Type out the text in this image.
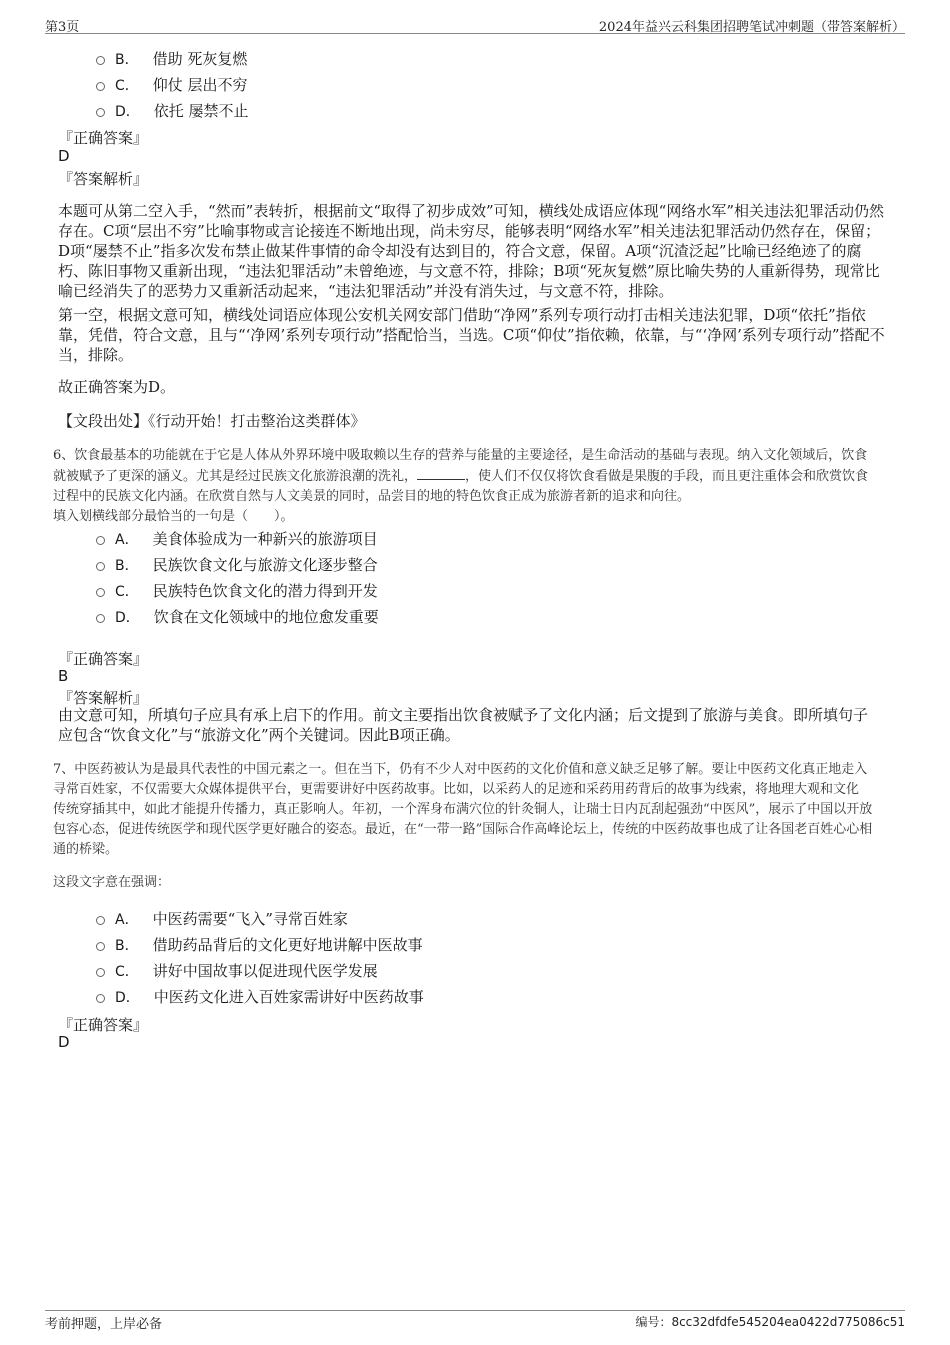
第3页	2024年益兴云科集团招聘笔试冲刺题（带答案解析）
B． 借助 死灰复燃
C． 仰仗 层出不穷
D． 依托 屡禁不止
『正确答案』
D
『答案解析』
本题可从第二空入手，“然而”表转折，根据前文“取得了初步成效”可知，横线处成语应体现“网络水军”相关违法犯罪活动仍然
存在。C项“层出不穷”比喻事物或言论接连不断地出现，尚未穷尽，能够表明“网络水军”相关违法犯罪活动仍然存在，保留；
D项“屡禁不止”指多次发布禁止做某件事情的命令却没有达到目的，符合文意，保留。A项“沉渣泛起”比喻已经绝迹了的腐
朽、陈旧事物又重新出现，“违法犯罪活动”未曾绝迹，与文意不符，排除；B项“死灰复燃”原比喻失势的人重新得势，现常比
喻已经消失了的恶势力又重新活动起来，“违法犯罪活动”并没有消失过，与文意不符，排除。
第一空，根据文意可知，横线处词语应体现公安机关网安部门借助“净网”系列专项行动打击相关违法犯罪，D项“依托”指依
靠，凭借，符合文意，且与“‘净网’系列专项行动”搭配恰当，当选。C项“仰仗”指依赖，依靠，与“‘净网’系列专项行动”搭配不
当，排除。
故正确答案为D。
【文段出处】《行动开始！打击整治这类群体》
6、饮食最基本的功能就在于它是人体从外界环境中吸取赖以生存的营养与能量的主要途径，是生命活动的基础与表现。纳入文化领域后，饮食
就被赋予了更深的涵义。尤其是经过民族文化旅游浪潮的洗礼，	，使人们不仅仅将饮食看做是果腹的手段，而且更注重体会和欣赏饮食
过程中的民族文化内涵。在欣赏自然与人文美景的同时，品尝目的地的特色饮食正成为旅游者新的追求和向往。
填入划横线部分最恰当的一句是（　　）。
A． 美食体验成为一种新兴的旅游项目
B． 民族饮食文化与旅游文化逐步整合
C． 民族特色饮食文化的潜力得到开发
D． 饮食在文化领域中的地位愈发重要
『正确答案』
B
『答案解析』
由文意可知，所填句子应具有承上启下的作用。前文主要指出饮食被赋予了文化内涵；后文提到了旅游与美食。即所填句子
应包含“饮食文化”与“旅游文化”两个关键词。因此B项正确。
7、中医药被认为是最具代表性的中国元素之一。但在当下，仍有不少人对中医药的文化价值和意义缺乏足够了解。要让中医药文化真正地走入
寻常百姓家，不仅需要大众媒体提供平台，更需要讲好中医药故事。比如，以采药人的足迹和采药用药背后的故事为线索，将地理大观和文化
传统穿插其中，如此才能提升传播力，真正影响人。年初，一个浑身布满穴位的针灸铜人，让瑞士日内瓦刮起强劲“中医风”，展示了中国以开放
包容心态，促进传统医学和现代医学更好融合的姿态。最近，在“一带一路”国际合作高峰论坛上，传统的中医药故事也成了让各国老百姓心心相
通的桥梁。
这段文字意在强调：
A． 中医药需要“飞入”寻常百姓家
B． 借助药品背后的文化更好地讲解中医故事
C． 讲好中国故事以促进现代医学发展
D． 中医药文化进入百姓家需讲好中医药故事
『正确答案』
D
考前押题，上岸必备	编号：8cc32dfdfe545204ea0422d775086c51
